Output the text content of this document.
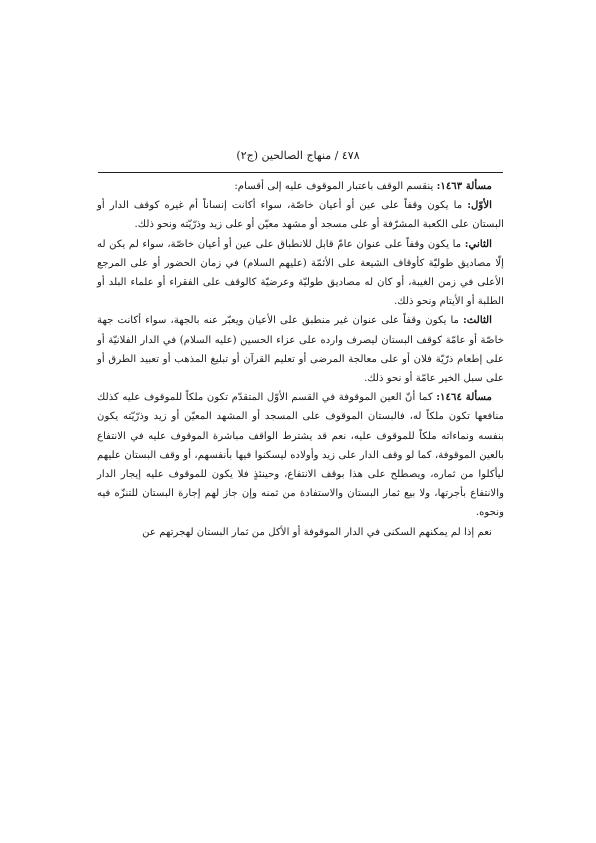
٤٧٨ / منهاج الصالحين (ج٢)

مسألة ١٤٦٣: ينقسم الوقف باعتبار الموقوف عليه إلى أقسام:

الأوّل: ما يكون وقفاً على عين أو أعيان خاصّة، سواء أكانت إنساناً أم غيره كوقف الدار أو البستان على الكعبة المشرّفة أو على مسجد أو مشهد معيّن أو على زيد وذرّيّته ونحو ذلك.

الثاني: ما يكون وقفاً على عنوان عامّ قابل للانطباق على عين أو أعيان خاصّة، سواء لم يكن له إلّا مصاديق طوليّة كأوقاف الشيعة على الأئمّة (عليهم السلام) في زمان الحضور أو على المرجع الأعلى في زمن الغيبة، أو كان له مصاديق طوليّة وعرضيّة كالوقف على الفقراء أو علماء البلد أو الطلبة أو الأيتام ونحو ذلك.

الثالث: ما يكون وقفاً على عنوان غير منطبق على الأعيان ويعبّر عنه بالجهة، سواء أكانت جهة خاصّة أو عامّة كوقف البستان ليصرف وارده على عزاء الحسين (عليه السلام) في الدار الفلانيّة أو على إطعام ذرّيّة فلان أو على معالجة المرضى أو تعليم القرآن أو تبليغ المذهب أو تعبيد الطرق أو على سبل الخير عامّة أو نحو ذلك.

مسألة ١٤٦٤: كما أنّ العين الموقوفة في القسم الأوّل المتقدّم تكون ملكاً للموقوف عليه كذلك منافعها تكون ملكاً له، فالبستان الموقوف على المسجد أو المشهد المعيّن أو زيد وذرّيّته يكون بنفسه ونماءاته ملكاً للموقوف عليه، نعم قد يشترط الواقف مباشرة الموقوف عليه في الانتفاع بالعين الموقوفة، كما لو وقف الدار على زيد وأولاده ليسكنوا فيها بأنفسهم، أو وقف البستان عليهم ليأكلوا من ثماره، ويصطلح على هذا بوقف الانتفاع، وحينئذٍ فلا يكون للموقوف عليه إيجار الدار والانتفاع بأجرتها، ولا بيع ثمار البستان والاستفادة من ثمنه وإن جاز لهم إجارة البستان للتنزّه فيه ونحوه.

نعم إذا لم يمكنهم السكنى في الدار الموقوفة أو الأكل من ثمار البستان لهجرتهم عن
